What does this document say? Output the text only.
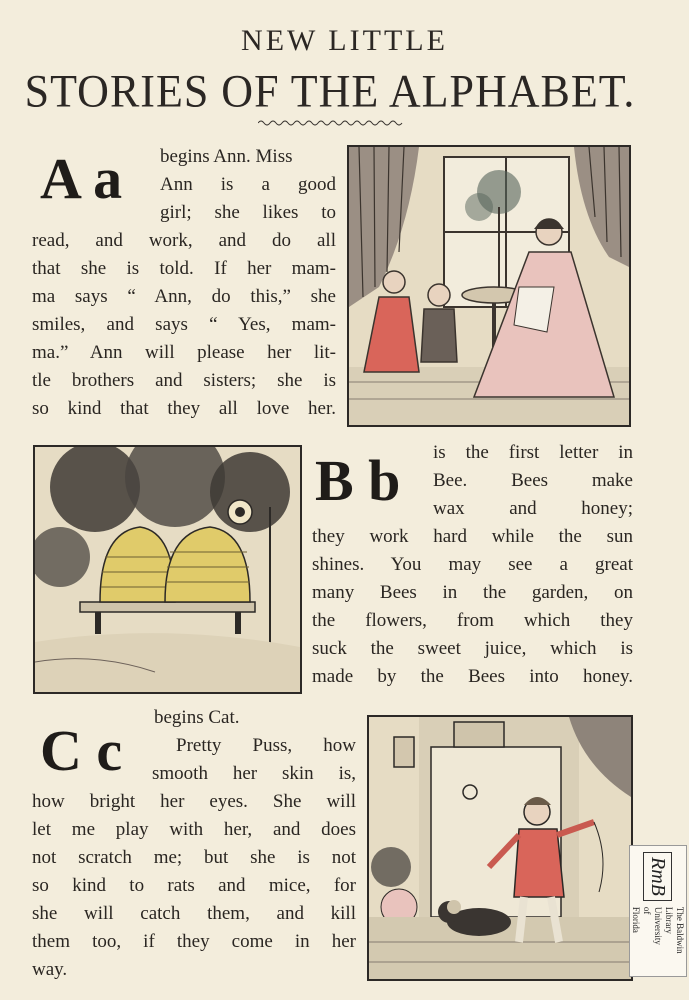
NEW LITTLE
STORIES OF THE ALPHABET.
A a begins Ann. Miss
Ann is a good
girl; she likes to
read, and work, and do all
that she is told. If her mam-
ma says “ Ann, do this,” she
smiles, and says “ Yes, mam-
ma.” Ann will please her lit-
tle brothers and sisters; she is
so kind that they all love her.
B b is the first letter in
Bee. Bees make
wax and honey;
they work hard while the sun
shines. You may see a great
many Bees in the garden, on
the flowers, from which they
suck the sweet juice, which is
made by the Bees into honey.
C c
begins Cat.
Pretty Puss, how
smooth her skin is,
how bright her eyes. She will
let me play with her, and does
not scratch me; but she is not
so kind to rats and mice, for
she will catch them, and kill
them too, if they come in her
way.
RmB
The Baldwin Library
University
of
Florida
